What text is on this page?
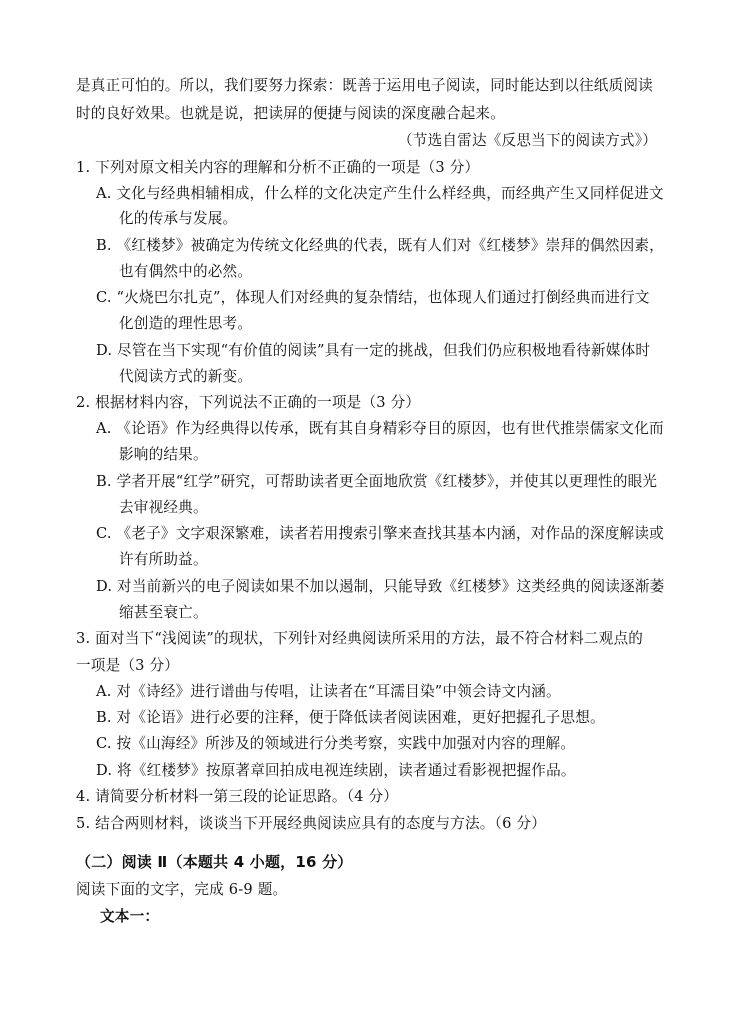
是真正可怕的。所以，我们要努力探索：既善于运用电子阅读，同时能达到以往纸质阅读
时的良好效果。也就是说，把读屏的便捷与阅读的深度融合起来。
（节选自雷达《反思当下的阅读方式》）
1. 下列对原文相关内容的理解和分析不正确的一项是（3 分）
A. 文化与经典相辅相成，什么样的文化决定产生什么样经典，而经典产生又同样促进文
化的传承与发展。
B. 《红楼梦》被确定为传统文化经典的代表，既有人们对《红楼梦》崇拜的偶然因素，
也有偶然中的必然。
C. “火烧巴尔扎克”，体现人们对经典的复杂情结，也体现人们通过打倒经典而进行文
化创造的理性思考。
D. 尽管在当下实现“有价值的阅读”具有一定的挑战，但我们仍应积极地看待新媒体时
代阅读方式的新变。
2. 根据材料内容，下列说法不正确的一项是（3 分）
A. 《论语》作为经典得以传承，既有其自身精彩夺目的原因，也有世代推崇儒家文化而
影响的结果。
B. 学者开展“红学”研究，可帮助读者更全面地欣赏《红楼梦》，并使其以更理性的眼光
去审视经典。
C. 《老子》文字艰深繁难，读者若用搜索引擎来查找其基本内涵，对作品的深度解读或
许有所助益。
D. 对当前新兴的电子阅读如果不加以遏制，只能导致《红楼梦》这类经典的阅读逐渐萎
缩甚至衰亡。
3. 面对当下“浅阅读”的现状，下列针对经典阅读所采用的方法，最不符合材料二观点的
一项是（3 分）
A. 对《诗经》进行谱曲与传唱，让读者在“耳濡目染”中领会诗文内涵。
B. 对《论语》进行必要的注释，便于降低读者阅读困难，更好把握孔子思想。
C. 按《山海经》所涉及的领域进行分类考察，实践中加强对内容的理解。
D. 将《红楼梦》按原著章回拍成电视连续剧，读者通过看影视把握作品。
4. 请简要分析材料一第三段的论证思路。（4 分）
5. 结合两则材料，谈谈当下开展经典阅读应具有的态度与方法。（6 分）
（二）阅读 Ⅱ（本题共 4 小题，16 分）
阅读下面的文字，完成 6-9 题。
文本一：
